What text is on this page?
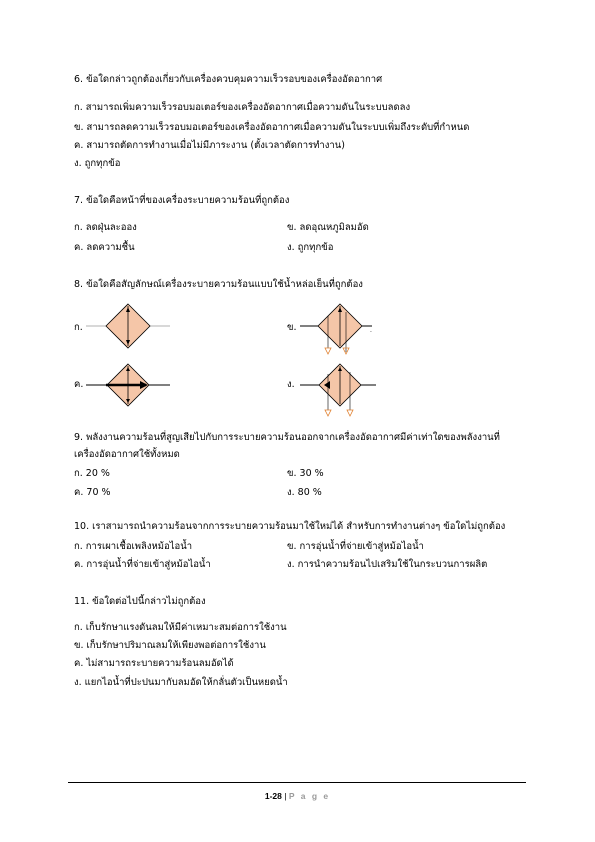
6. ข้อใดกล่าวถูกต้องเกี่ยวกับเครื่องควบคุมความเร็วรอบของเครื่องอัดอากาศ
ก. สามารถเพิ่มความเร็วรอบมอเตอร์ของเครื่องอัดอากาศเมื่อความดันในระบบลดลง
ข. สามารถลดความเร็วรอบมอเตอร์ของเครื่องอัดอากาศเมื่อความดันในระบบเพิ่มถึงระดับที่กำหนด
ค. สามารถตัดการทำงานเมื่อไม่มีภาระงาน (ตั้งเวลาตัดการทำงาน)
ง. ถูกทุกข้อ
7. ข้อใดคือหน้าที่ของเครื่องระบายความร้อนที่ถูกต้อง
ก. ลดฝุ่นละออง	ข. ลดอุณหภูมิลมอัด
ค. ลดความชื้น	ง. ถูกทุกข้อ
8. ข้อใดคือสัญลักษณ์เครื่องระบายความร้อนแบบใช้น้ำหล่อเย็นที่ถูกต้อง
ก.	ข.	.
ค.	ง.
9. พลังงานความร้อนที่สูญเสียไปกับการระบายความร้อนออกจากเครื่องอัดอากาศมีค่าเท่าใดของพลังงานที่
เครื่องอัดอากาศใช้ทั้งหมด
ก. 20 %	ข. 30 %
ค. 70 %	ง. 80 %
10. เราสามารถนำความร้อนจากการระบายความร้อนมาใช้ใหม่ได้ สำหรับการทำงานต่างๆ ข้อใดไม่ถูกต้อง
ก. การเผาเชื้อเพลิงหม้อไอน้ำ	ข. การอุ่นน้ำที่จ่ายเข้าสู่หม้อไอน้ำ
ค. การอุ่นน้ำที่จ่ายเข้าสู่หม้อไอน้ำ	ง. การนำความร้อนไปเสริมใช้ในกระบวนการผลิต
11. ข้อใดต่อไปนี้กล่าวไม่ถูกต้อง
ก. เก็บรักษาแรงดันลมให้มีค่าเหมาะสมต่อการใช้งาน
ข. เก็บรักษาปริมาณลมให้เพียงพอต่อการใช้งาน
ค. ไม่สามารถระบายความร้อนลมอัดได้
ง. แยกไอน้ำที่ปะปนมากับลมอัดให้กลั่นตัวเป็นหยดน้ำ
1-28 | P a g e
